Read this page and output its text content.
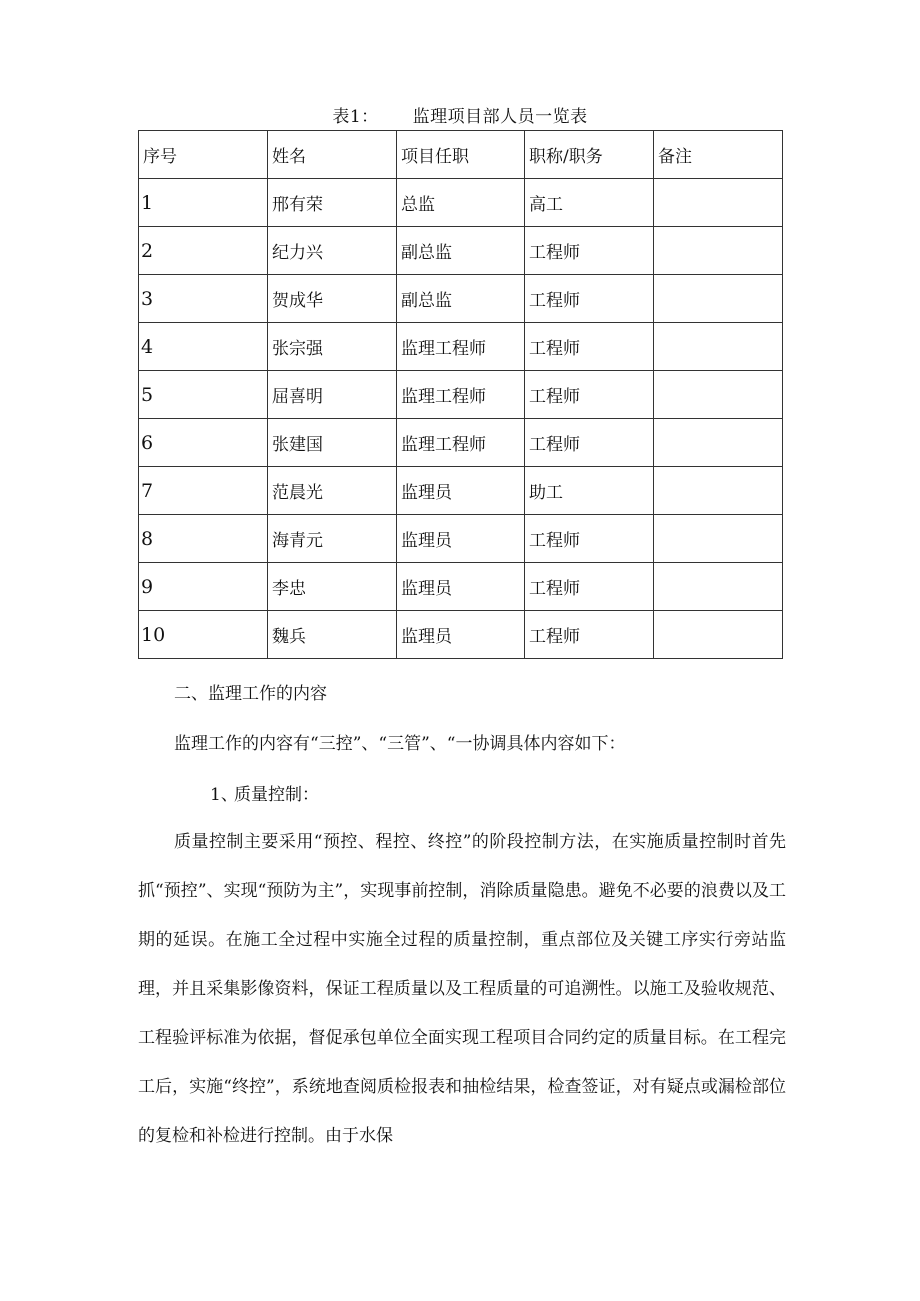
表1： 监理项目部人员一览表
序号	姓名	项目任职	职称/职务	备注
1	邢有荣	总监	高工	
2	纪力兴	副总监	工程师	
3	贺成华	副总监	工程师	
4	张宗强	监理工程师	工程师	
5	屈喜明	监理工程师	工程师	
6	张建国	监理工程师	工程师	
7	范晨光	监理员	助工	
8	海青元	监理员	工程师	
9	李忠	监理员	工程师	
10	魏兵	监理员	工程师	

二、监理工作的内容

监理工作的内容有“三控”、“三管”、“一协调具体内容如下：

1、质量控制：

质量控制主要采用“预控、程控、终控”的阶段控制方法，在实施质量控制时首先抓“预控”、实现“预防为主”，实现事前控制，消除质量隐患。避免不必要的浪费以及工期的延误。在施工全过程中实施全过程的质量控制，重点部位及关键工序实行旁站监理，并且采集影像资料，保证工程质量以及工程质量的可追溯性。以施工及验收规范、工程验评标准为依据，督促承包单位全面实现工程项目合同约定的质量目标。在工程完工后，实施“终控”，系统地查阅质检报表和抽检结果，检查签证，对有疑点或漏检部位的复检和补检进行控制。由于水保
